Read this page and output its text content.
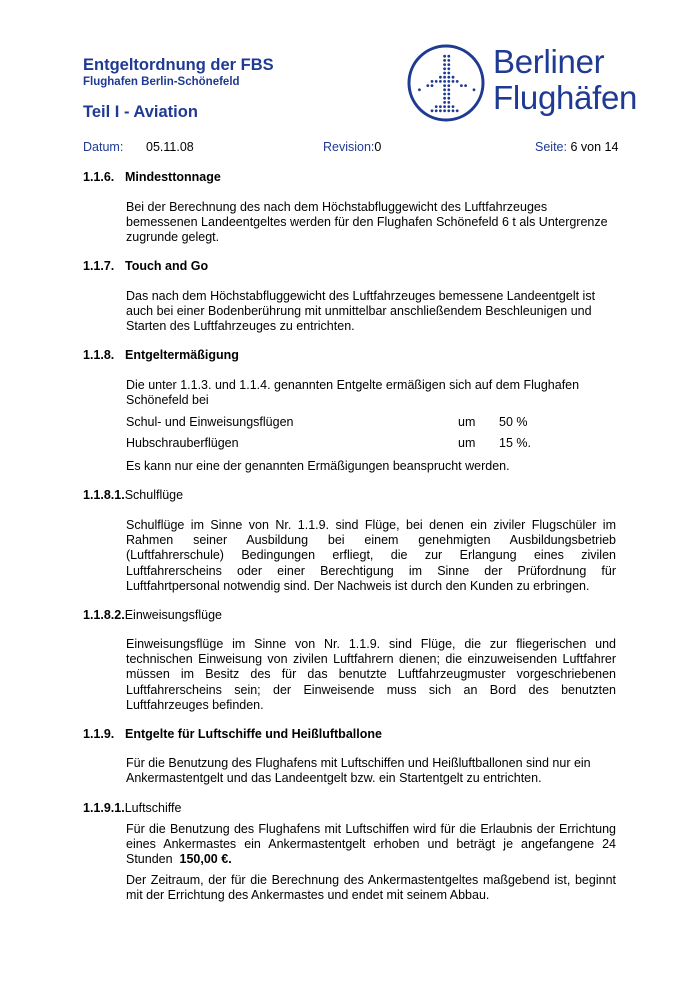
Entgeltordnung der FBS
Flughafen Berlin-Schönefeld
Teil I - Aviation
Berliner
Flughäfen
Datum: 05.11.08	Revision:0	Seite: 6 von 14
1.1.6. Mindesttonnage
Bei der Berechnung des nach dem Höchstabfluggewicht des Luftfahrzeuges bemessenen Landeentgeltes werden für den Flughafen Schönefeld 6 t als Untergrenze zugrunde gelegt.
1.1.7. Touch and Go
Das nach dem Höchstabfluggewicht des Luftfahrzeuges bemessene Landeentgelt ist auch bei einer Bodenberührung mit unmittelbar anschließendem Beschleunigen und Starten des Luftfahrzeuges zu entrichten.
1.1.8. Entgeltermäßigung
Die unter 1.1.3. und 1.1.4. genannten Entgelte ermäßigen sich auf dem Flughafen Schönefeld bei
Schul- und Einweisungsflügen	um 50 %
Hubschrauberflügen	um 15 %.
Es kann nur eine der genannten Ermäßigungen beansprucht werden.
1.1.8.1.Schulflüge
Schulflüge im Sinne von Nr. 1.1.9. sind Flüge, bei denen ein ziviler Flugschüler im Rahmen seiner Ausbildung bei einem genehmigten Ausbildungsbetrieb (Luftfahrerschule) Bedingungen erfliegt, die zur Erlangung eines zivilen Luftfahrerscheins oder einer Berechtigung im Sinne der Prüfordnung für Luftfahrtpersonal notwendig sind. Der Nachweis ist durch den Kunden zu erbringen.
1.1.8.2.Einweisungsflüge
Einweisungsflüge im Sinne von Nr. 1.1.9. sind Flüge, die zur fliegerischen und technischen Einweisung von zivilen Luftfahrern dienen; die einzuweisenden Luftfahrer müssen im Besitz des für das benutzte Luftfahrzeugmuster vorgeschriebenen Luftfahrerscheins sein; der Einweisende muss sich an Bord des benutzten Luftfahrzeuges befinden.
1.1.9. Entgelte für Luftschiffe und Heißluftballone
Für die Benutzung des Flughafens mit Luftschiffen und Heißluftballonen sind nur ein Ankermastentgelt und das Landeentgelt bzw. ein Startentgelt zu entrichten.
1.1.9.1.Luftschiffe
Für die Benutzung des Flughafens mit Luftschiffen wird für die Erlaubnis der Errichtung eines Ankermastes ein Ankermastentgelt erhoben und beträgt je angefangene 24 Stunden 150,00 €.
Der Zeitraum, der für die Berechnung des Ankermastentgeltes maßgebend ist, beginnt mit der Errichtung des Ankermastes und endet mit seinem Abbau.
